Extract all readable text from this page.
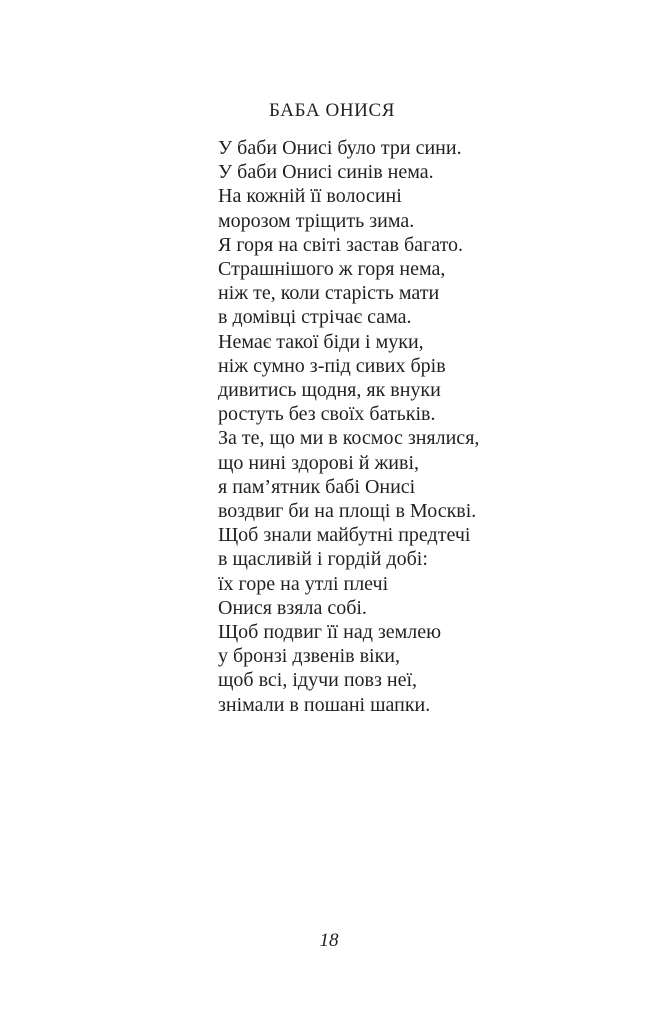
БАБА ОНИСЯ
У баби Онисі було три сини.
У баби Онисі синів нема.
На кожній її волосині
морозом тріщить зима.
Я горя на світі застав багато.
Страшнішого ж горя нема,
ніж те, коли старість мати
в домівці стрічає сама.
Немає такої біди і муки,
ніж сумно з-під сивих брів
дивитись щодня, як внуки
ростуть без своїх батьків.
За те, що ми в космос знялися,
що нині здорові й живі,
я пам’ятник бабі Онисі
воздвиг би на площі в Москві.
Щоб знали майбутні предтечі
в щасливій і гордій добі:
їх горе на утлі плечі
Онися взяла собі.
Щоб подвиг її над землею
у бронзі дзвенів віки,
щоб всі, ідучи повз неї,
знімали в пошані шапки.
18
